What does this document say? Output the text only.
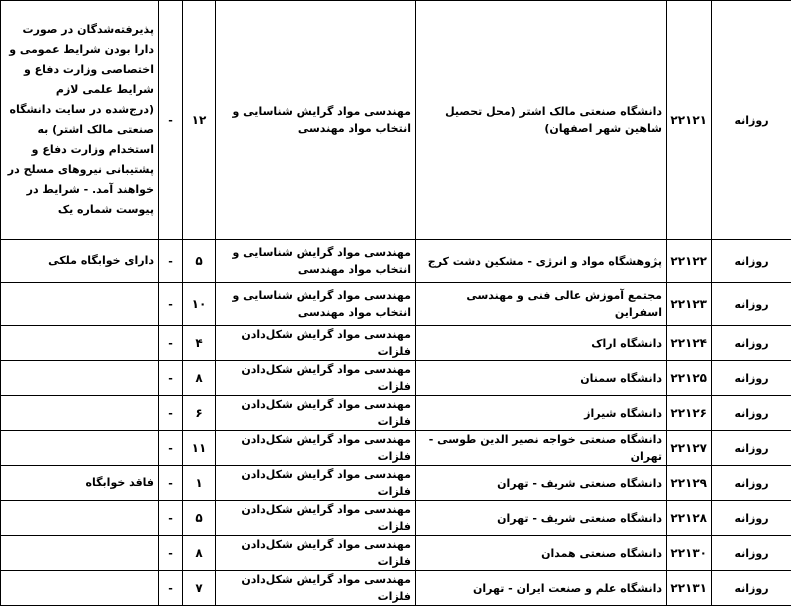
روزانه	۲۲۱۲۱	دانشگاه صنعتی مالک اشتر (محل تحصیل شاهین شهر اصفهان)	مهندسی مواد گرایش شناسایی و انتخاب مواد مهندسی	۱۲	-	پذیرفته‌شدگان در صورت دارا بودن شرایط عمومی و اختصاصی وزارت دفاع و شرایط علمی لازم (درج‌شده در سایت دانشگاه صنعتی مالک اشتر) به استخدام وزارت دفاع و پشتیبانی نیروهای مسلح در خواهند آمد. - شرایط در پیوست شماره یک
روزانه	۲۲۱۲۲	پژوهشگاه مواد و انرژی - مشکین دشت کرج	مهندسی مواد گرایش شناسایی و انتخاب مواد مهندسی	۵	-	دارای خوابگاه ملکی
روزانه	۲۲۱۲۳	مجتمع آموزش عالی فنی و مهندسی اسفراین	مهندسی مواد گرایش شناسایی و انتخاب مواد مهندسی	۱۰	-	
روزانه	۲۲۱۲۴	دانشگاه اراک	مهندسی مواد گرایش شکل‌دادن فلزات	۴	-	
روزانه	۲۲۱۲۵	دانشگاه سمنان	مهندسی مواد گرایش شکل‌دادن فلزات	۸	-	
روزانه	۲۲۱۲۶	دانشگاه شیراز	مهندسی مواد گرایش شکل‌دادن فلزات	۶	-	
روزانه	۲۲۱۲۷	دانشگاه صنعتی خواجه نصیر الدین طوسی - تهران	مهندسی مواد گرایش شکل‌دادن فلزات	۱۱	-	
روزانه	۲۲۱۲۹	دانشگاه صنعتی شریف - تهران	مهندسی مواد گرایش شکل‌دادن فلزات	۱	-	فاقد خوابگاه
روزانه	۲۲۱۲۸	دانشگاه صنعتی شریف - تهران	مهندسی مواد گرایش شکل‌دادن فلزات	۵	-	
روزانه	۲۲۱۳۰	دانشگاه صنعتی همدان	مهندسی مواد گرایش شکل‌دادن فلزات	۸	-	
روزانه	۲۲۱۳۱	دانشگاه علم و صنعت ایران - تهران	مهندسی مواد گرایش شکل‌دادن فلزات	۷	-	
